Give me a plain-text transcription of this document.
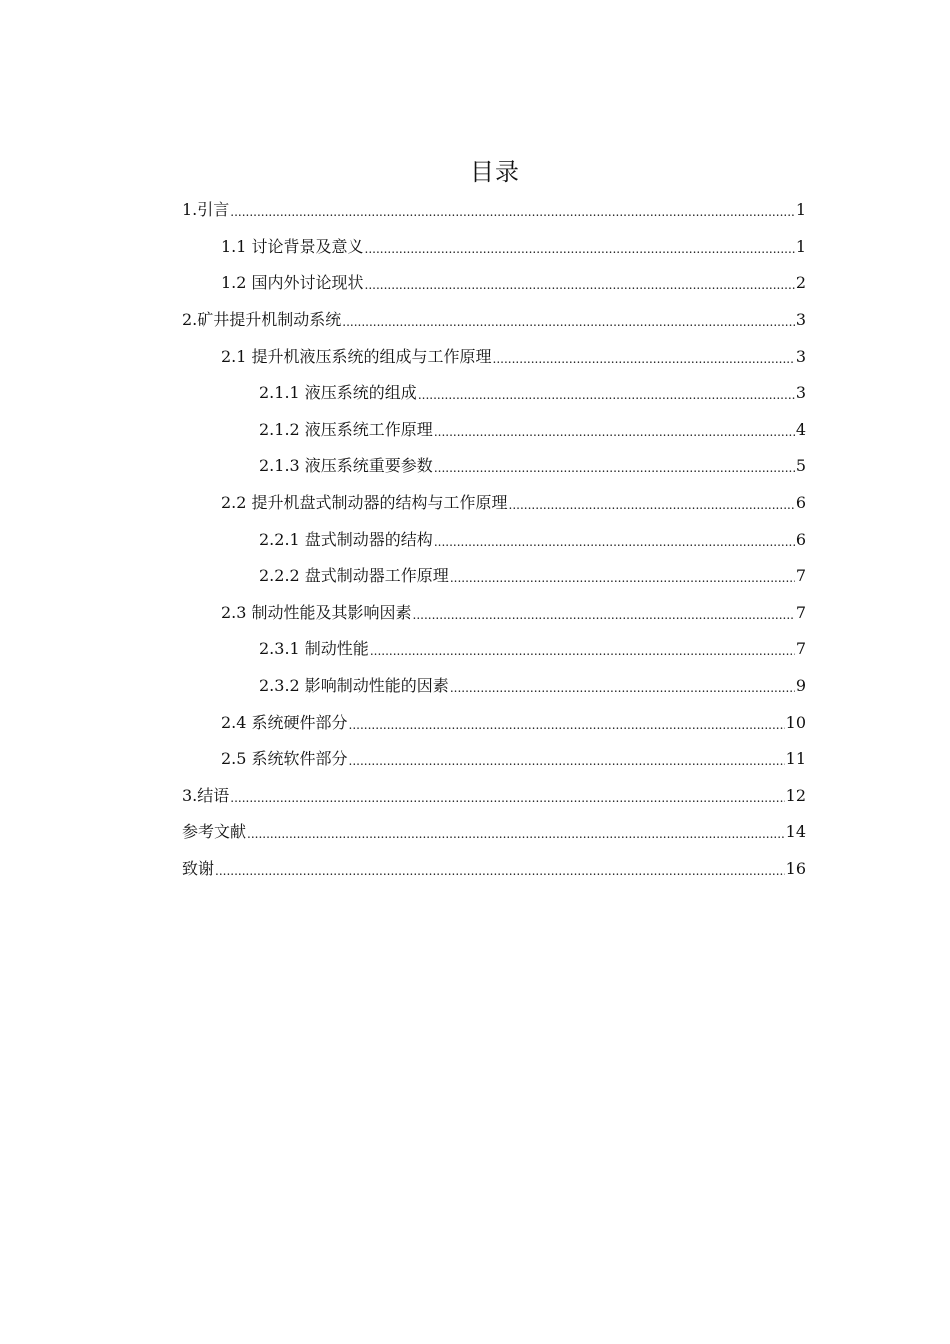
目录
1.引言 .....	1
1.1 讨论背景及意义 .....	1
1.2 国内外讨论现状 .....	2
2.矿井提升机制动系统 .....	3
2.1 提升机液压系统的组成与工作原理 .....	3
2.1.1 液压系统的组成 .....	3
2.1.2 液压系统工作原理 .....	4
2.1.3 液压系统重要参数 .....	5
2.2 提升机盘式制动器的结构与工作原理 .....	6
2.2.1 盘式制动器的结构 .....	6
2.2.2 盘式制动器工作原理 .....	7
2.3 制动性能及其影响因素 .....	7
2.3.1 制动性能 .....	7
2.3.2 影响制动性能的因素 .....	9
2.4 系统硬件部分 .....	10
2.5 系统软件部分 .....	11
3.结语 .....	12
参考文献 .....	14
致谢 .....	16
